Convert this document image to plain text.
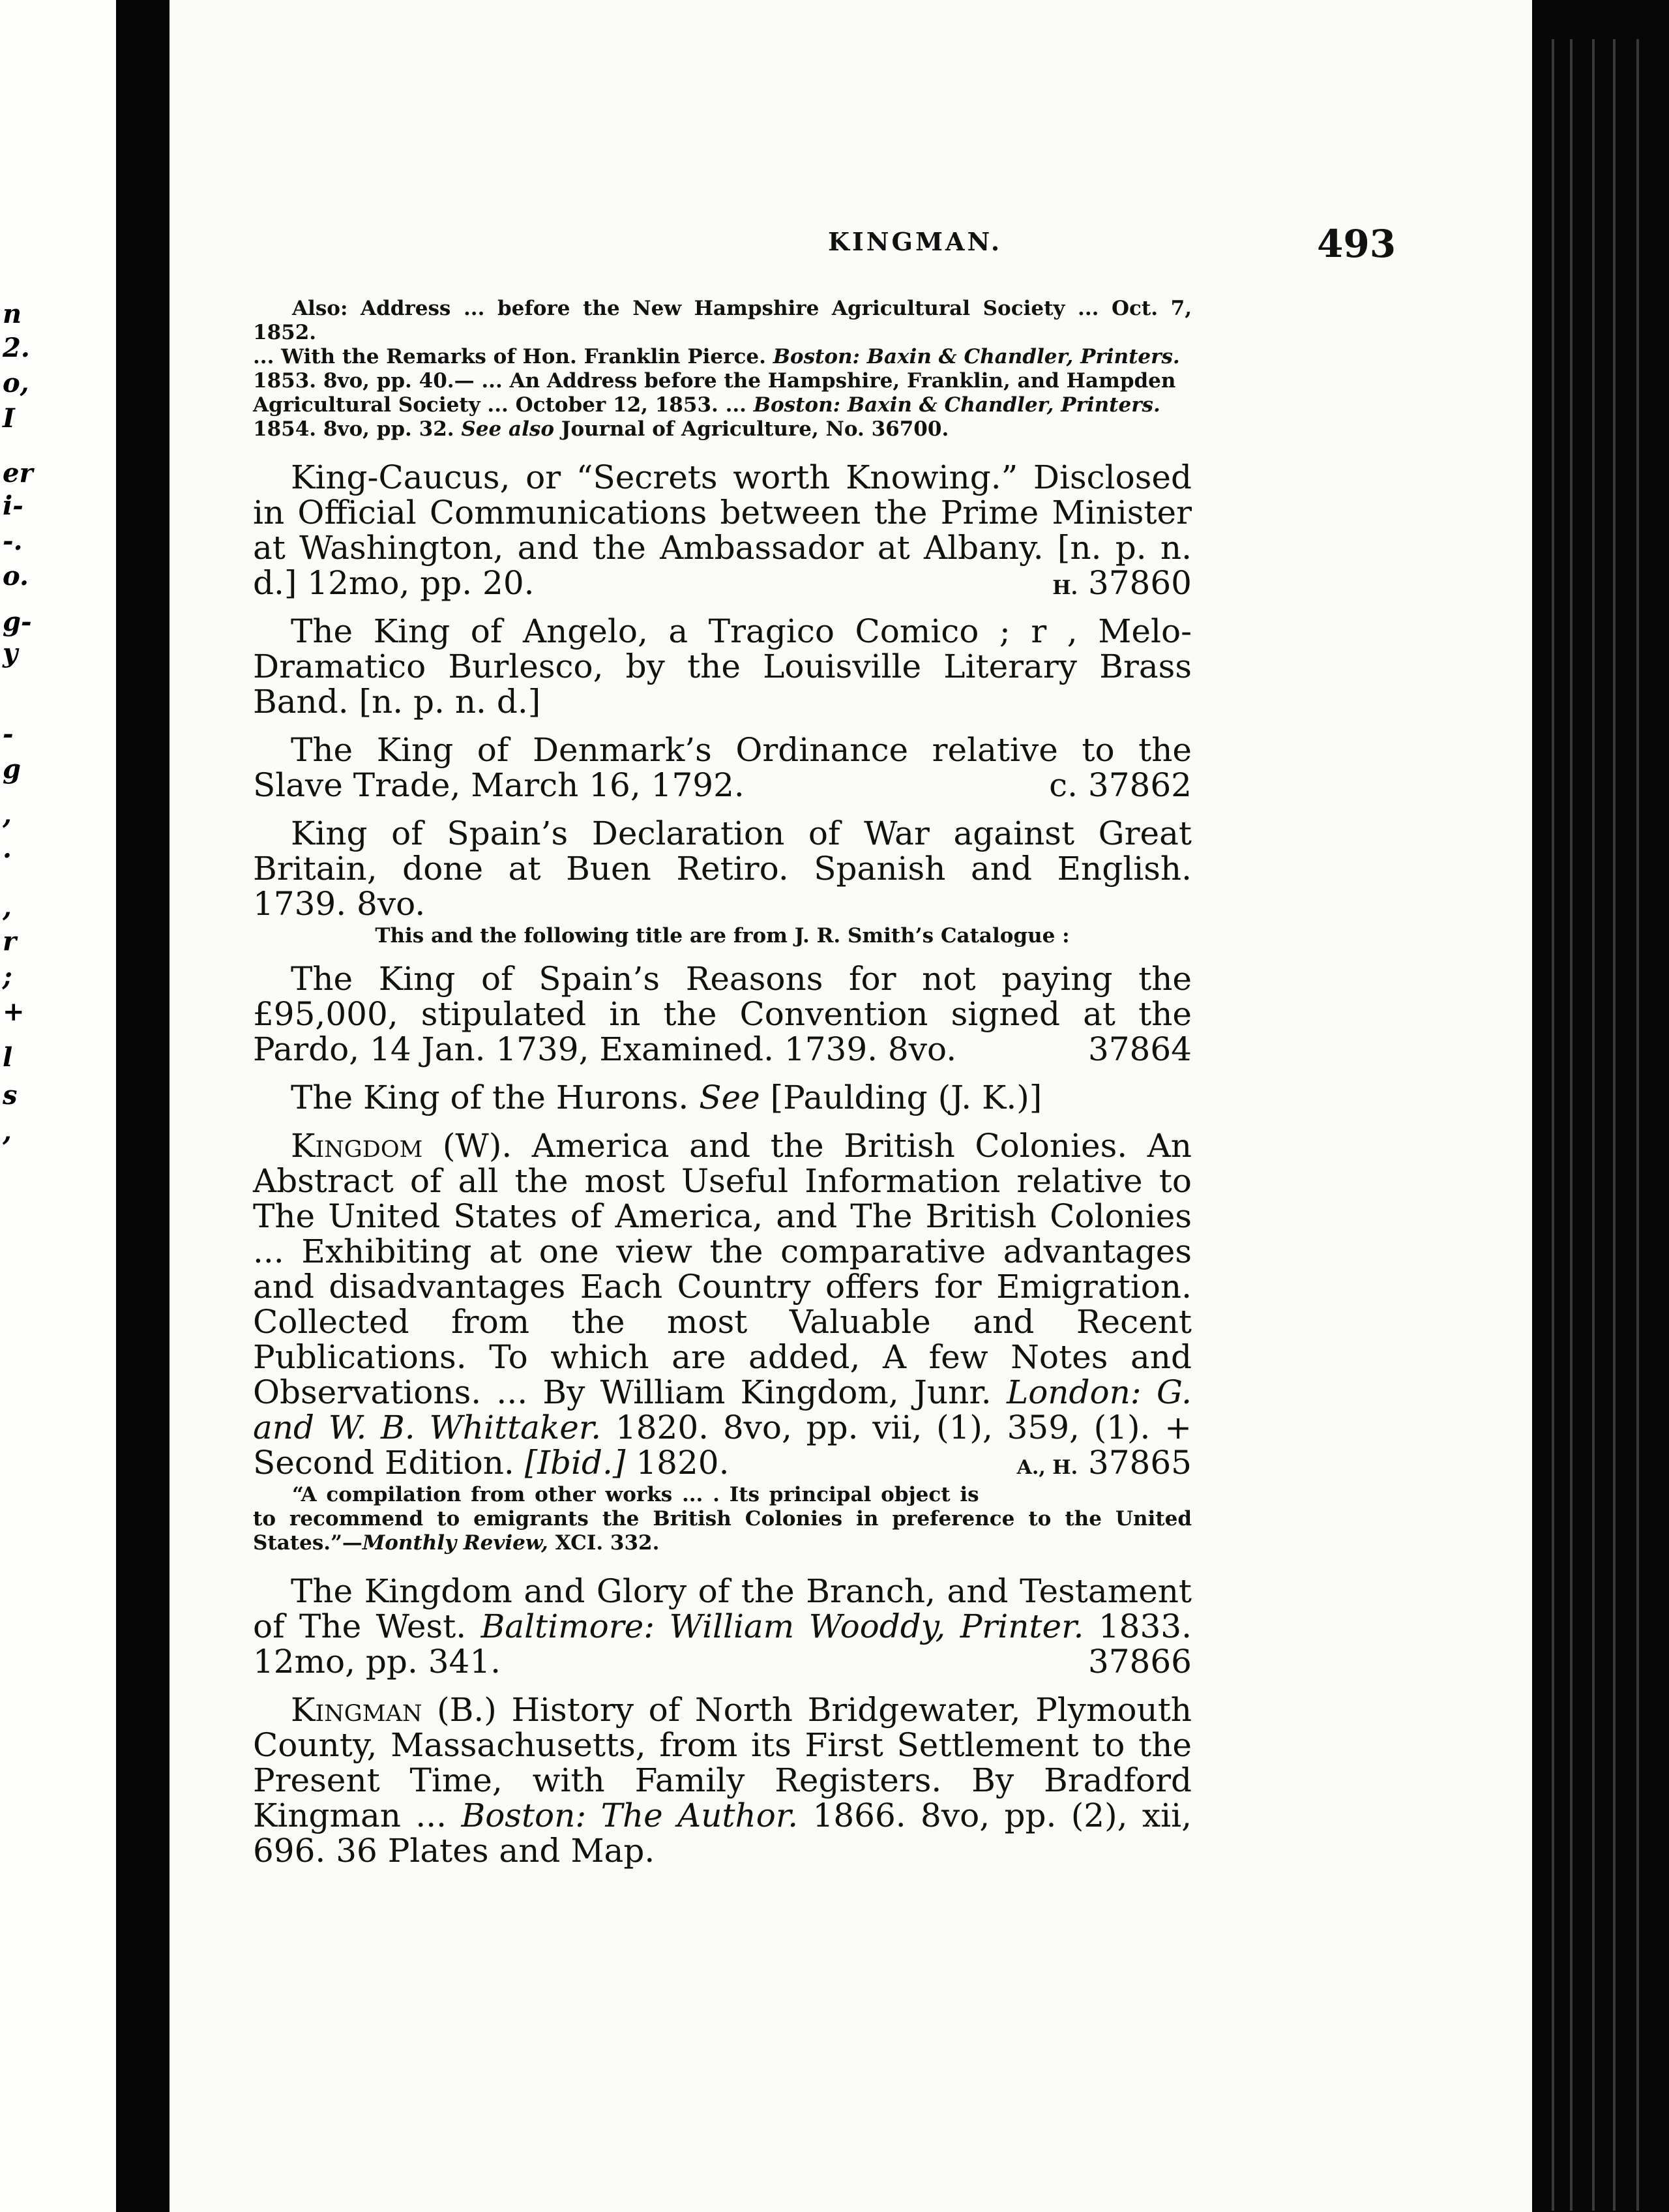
n
2.
o,
I
er
i-
-.
o.
g-
y
-
g
,
.
,
r
;
+
l
s
,
KINGMAN.	493

Also: Address ... before the New Hampshire Agricultural Society ... Oct. 7, 1852.

... With the Remarks of Hon. Franklin Pierce. Boston: Baxin & Chandler, Printers.

1853. 8vo, pp. 40.— ... An Address before the Hampshire, Franklin, and Hampden

Agricultural Society ... October 12, 1853. ... Boston: Baxin & Chandler, Printers.

1854. 8vo, pp. 32. See also Journal of Agriculture, No. 36700.

King-Caucus, or “Secrets worth Knowing.” Disclosed in Official Communications between the Prime Minister at Washington, and the Ambassador at Albany. [n. p. n. d.] 12mo, pp. 20.	H. 37860

The King of Angelo, a Tragico Comico ; r , Melo-Dramatico Burlesco, by the Louisville Literary Brass Band. [n. p. n. d.]

The King of Denmark’s Ordinance relative to the Slave Trade, March 16, 1792.	c. 37862

King of Spain’s Declaration of War against Great Britain, done at Buen Retiro. Spanish and English. 1739. 8vo.

This and the following title are from J. R. Smith’s Catalogue :

The King of Spain’s Reasons for not paying the £95,000, stipulated in the Convention signed at the Pardo, 14 Jan. 1739, Examined. 1739. 8vo.	37864

The King of the Hurons. See [Paulding (J. K.)]

Kingdom (W). America and the British Colonies. An Abstract of all the most Useful Information relative to The United States of America, and The British Colonies ... Exhibiting at one view the comparative advantages and disadvantages Each Country offers for Emigration. Collected from the most Valuable and Recent Publications. To which are added, A few Notes and Observations. ... By William Kingdom, Junr. London: G. and W. B. Whittaker. 1820. 8vo, pp. vii, (1), 359, (1). + Second Edition. [Ibid.] 1820.	A., H. 37865

“A compilation from other works ... . Its principal object is to recommend to emigrants the British Colonies in preference to the United States.”—Monthly Review, XCI. 332.

The Kingdom and Glory of the Branch, and Testament of The West. Baltimore: William Wooddy, Printer. 1833. 12mo, pp. 341.	37866

Kingman (B.) History of North Bridgewater, Plymouth County, Massachusetts, from its First Settlement to the Present Time, with Family Registers. By Bradford Kingman ... Boston: The Author. 1866. 8vo, pp. (2), xii, 696. 36 Plates and Map.
